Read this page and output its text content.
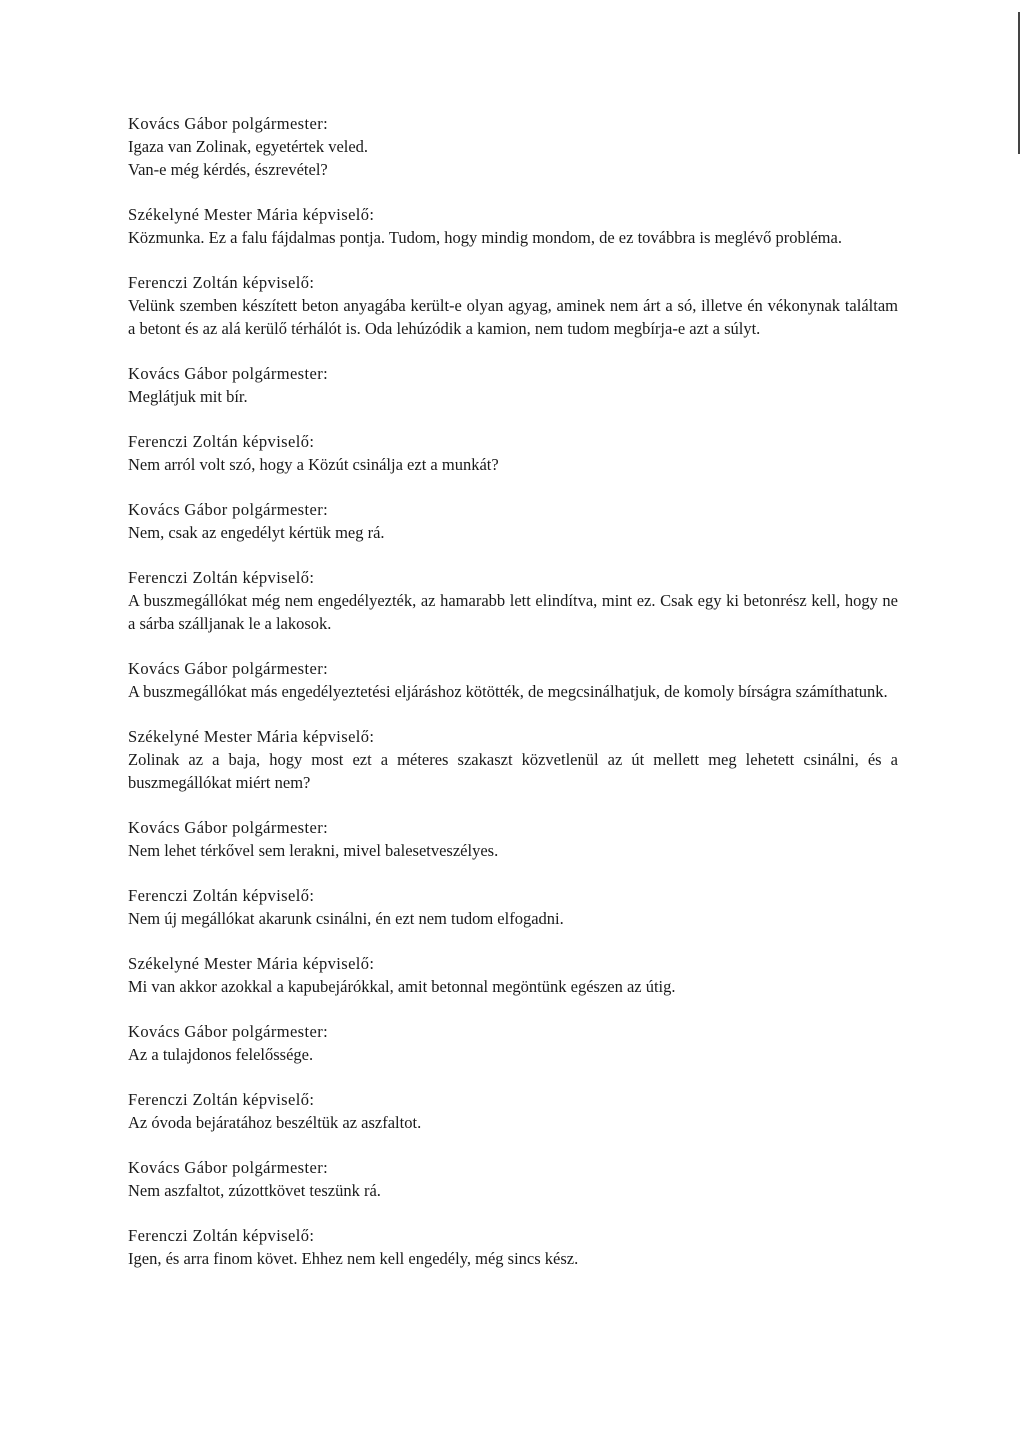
Kovács Gábor polgármester:
Igaza van Zolinak, egyetértek veled.
Van-e még kérdés, észrevétel?
Székelyné Mester Mária képviselő:
Közmunka. Ez a falu fájdalmas pontja. Tudom, hogy mindig mondom, de ez továbbra is meglévő probléma.
Ferenczi Zoltán képviselő:
Velünk szemben készített beton anyagába került-e olyan agyag, aminek nem árt a só, illetve én vékonynak találtam a betont és az alá kerülő térhálót is. Oda lehúzódik a kamion, nem tudom megbírja-e azt a súlyt.
Kovács Gábor polgármester:
Meglátjuk mit bír.
Ferenczi Zoltán képviselő:
Nem arról volt szó, hogy a Közút csinálja ezt a munkát?
Kovács Gábor polgármester:
Nem, csak az engedélyt kértük meg rá.
Ferenczi Zoltán képviselő:
A buszmegállókat még nem engedélyezték, az hamarabb lett elindítva, mint ez. Csak egy ki betonrész kell, hogy ne a sárba szálljanak le a lakosok.
Kovács Gábor polgármester:
A buszmegállókat más engedélyeztetési eljáráshoz kötötték, de megcsinálhatjuk, de komoly bírságra számíthatunk.
Székelyné Mester Mária képviselő:
Zolinak az a baja, hogy most ezt a méteres szakaszt közvetlenül az út mellett meg lehetett csinálni, és a buszmegállókat miért nem?
Kovács Gábor polgármester:
Nem lehet térkővel sem lerakni, mivel balesetveszélyes.
Ferenczi Zoltán képviselő:
Nem új megállókat akarunk csinálni, én ezt nem tudom elfogadni.
Székelyné Mester Mária képviselő:
Mi van akkor azokkal a kapubejárókkal, amit betonnal megöntünk egészen az útig.
Kovács Gábor polgármester:
Az a tulajdonos felelőssége.
Ferenczi Zoltán képviselő:
Az óvoda bejáratához beszéltük az aszfaltot.
Kovács Gábor polgármester:
Nem aszfaltot, zúzottkövet teszünk rá.
Ferenczi Zoltán képviselő:
Igen, és arra finom követ. Ehhez nem kell engedély, még sincs kész.
